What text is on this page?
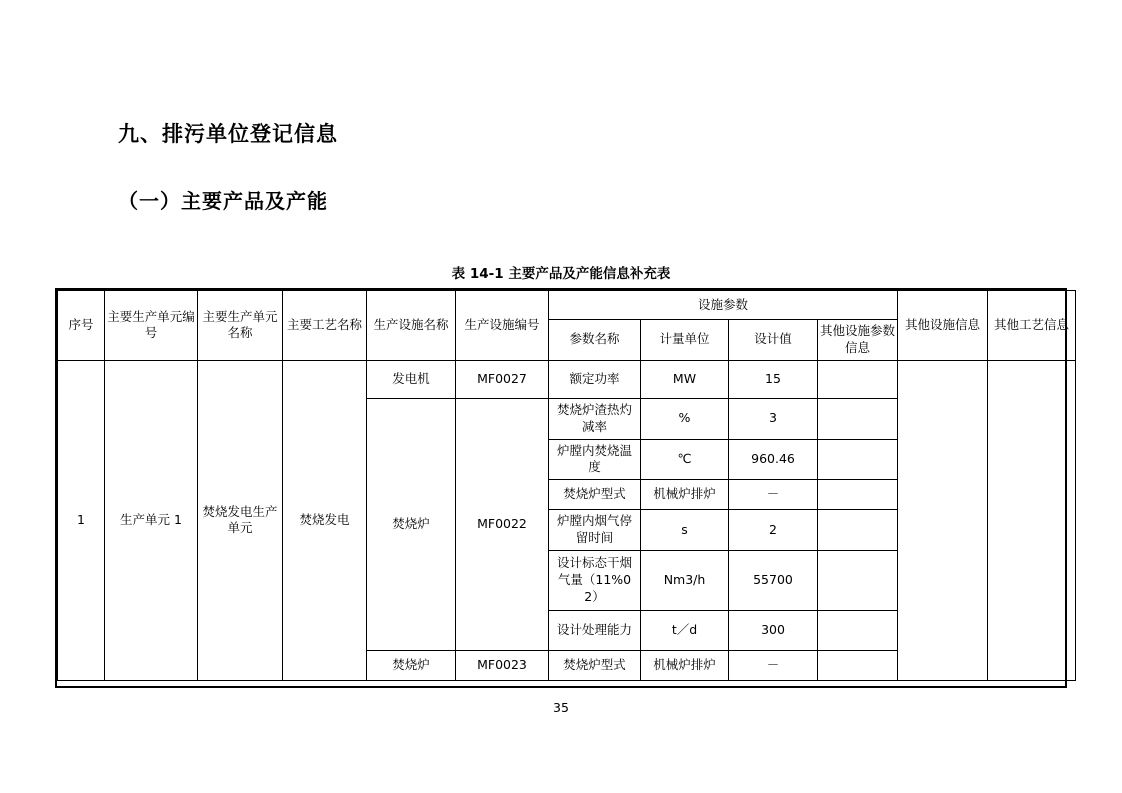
九、排污单位登记信息
（一）主要产品及产能
表 14-1 主要产品及产能信息补充表
序号	主要生产单元编号	主要生产单元名称	主要工艺名称	生产设施名称	生产设施编号	设施参数				其他设施信息	其他工艺信息
						参数名称	计量单位	设计值	其他设施参数信息		
1	生产单元 1	焚烧发电生产单元	焚烧发电	发电机	MF0027	额定功率	MW	15			
				焚烧炉	MF0022	焚烧炉渣热灼减率	%	3			
						炉膛内焚烧温度	℃	960.46			
						焚烧炉型式	机械炉排炉	－			
						炉膛内烟气停留时间	s	2			
						设计标态干烟气量（11%02）	Nm3/h	55700			
						设计处理能力	t／d	300			
				焚烧炉	MF0023	焚烧炉型式	机械炉排炉	－			
35
